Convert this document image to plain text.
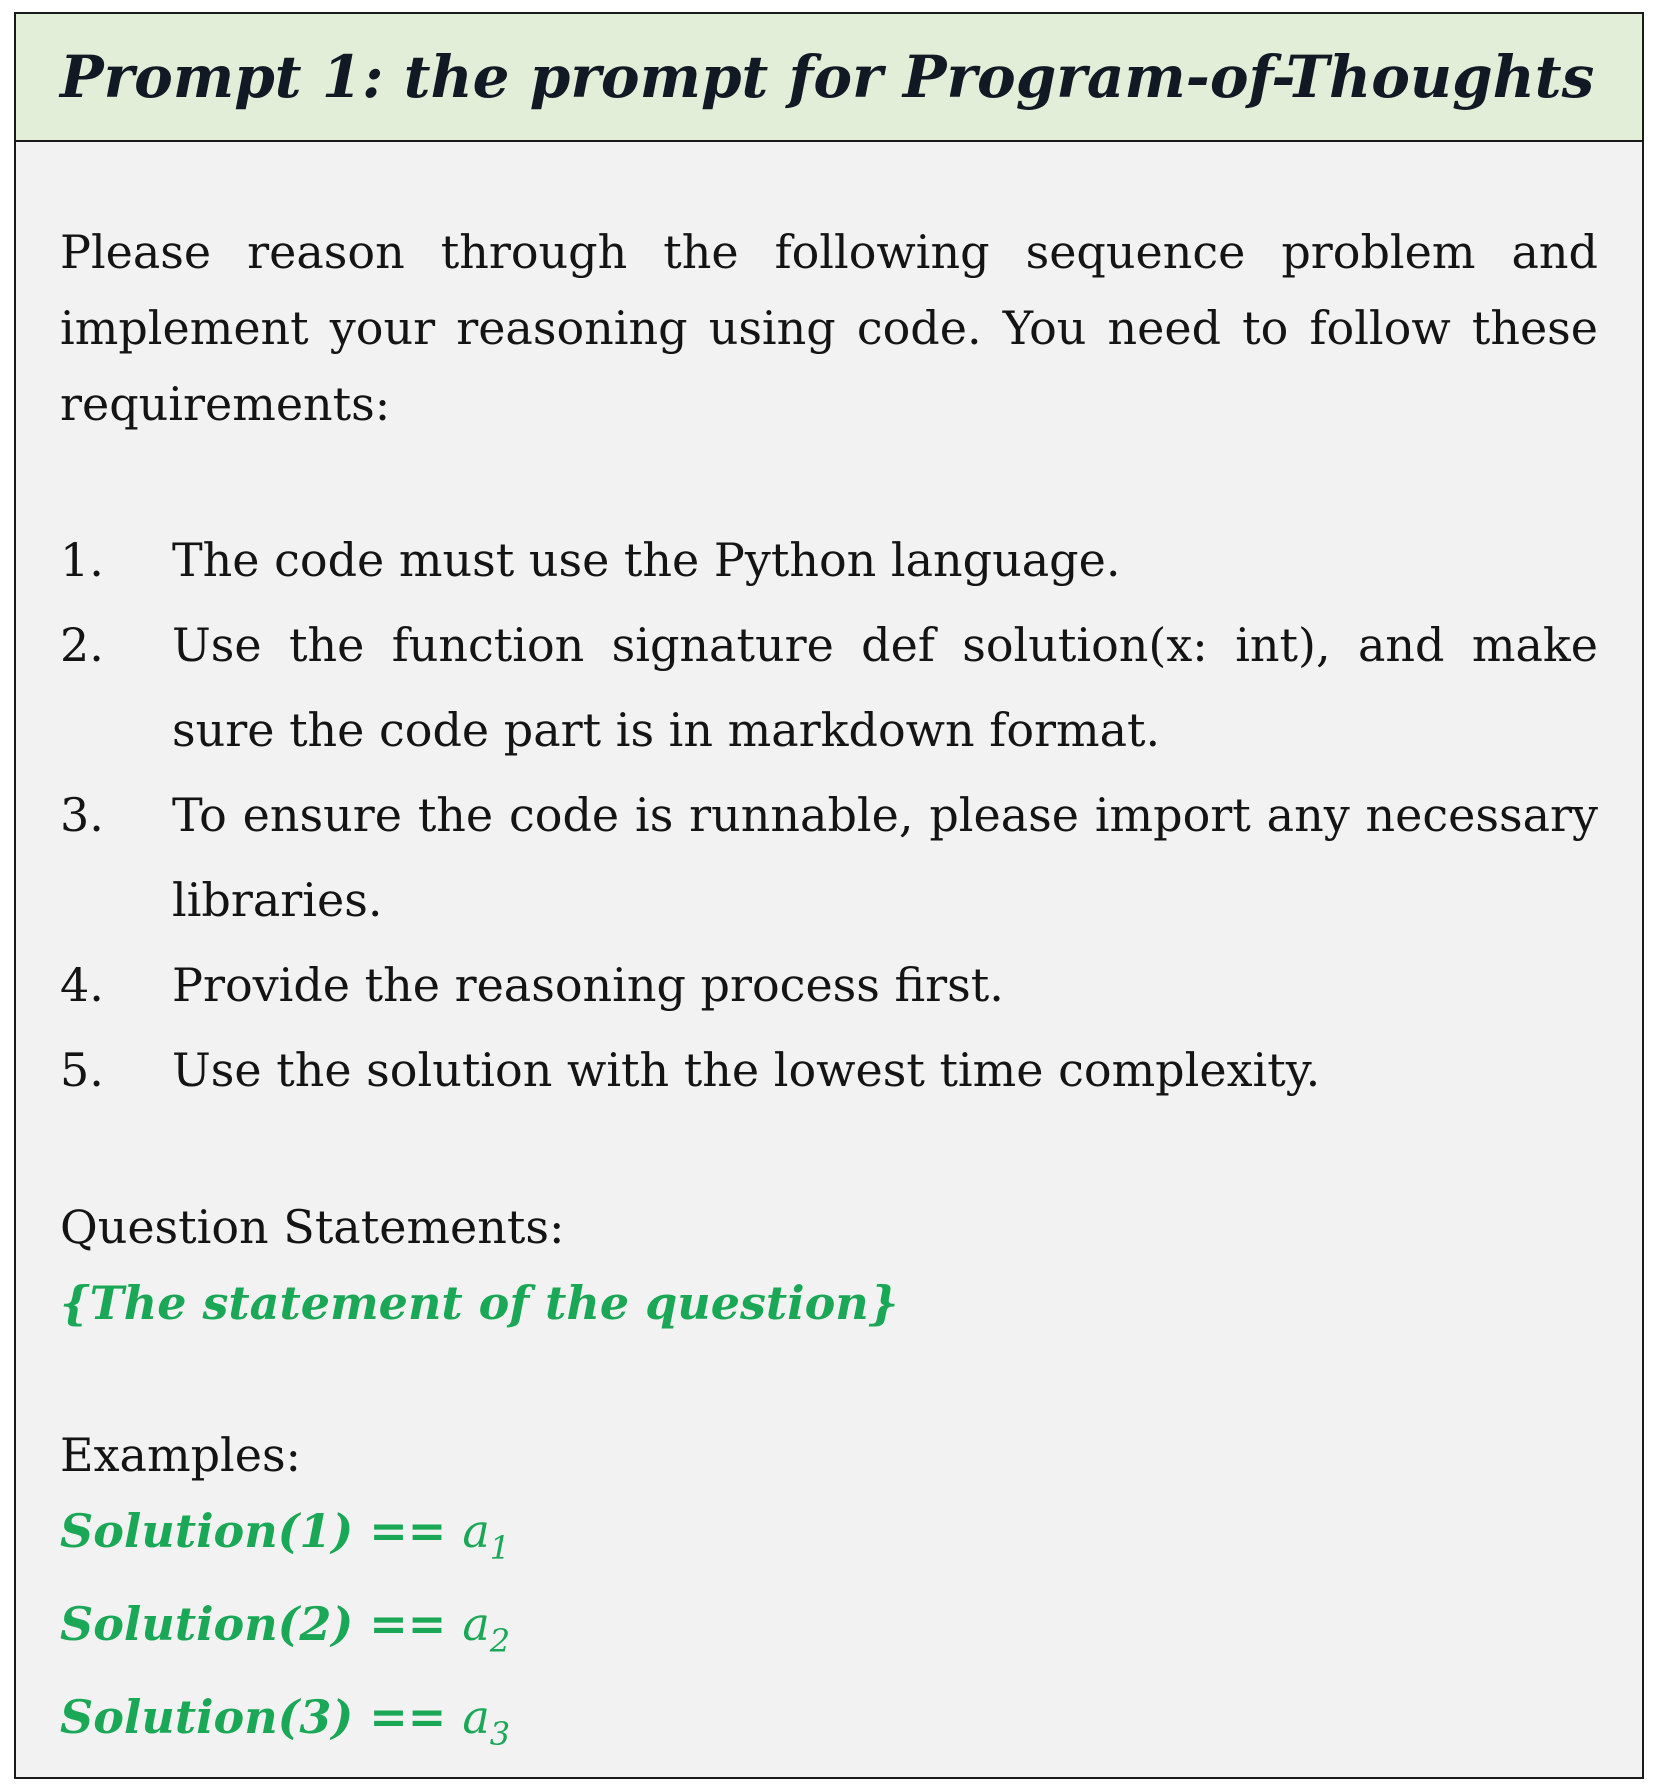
Prompt 1: the prompt for Program-of-Thoughts

Please reason through the following sequence problem and implement your reasoning using code. You need to follow these requirements:

1. The code must use the Python language.
2. Use the function signature def solution(x: int), and make sure the code part is in markdown format.
3. To ensure the code is runnable, please import any necessary libraries.
4. Provide the reasoning process first.
5. Use the solution with the lowest time complexity.
Question Statements:
{The statement of the question}
Examples:
Solution(1) == $a_1$
Solution(2) == $a_2$
Solution(3) == $a_3$
